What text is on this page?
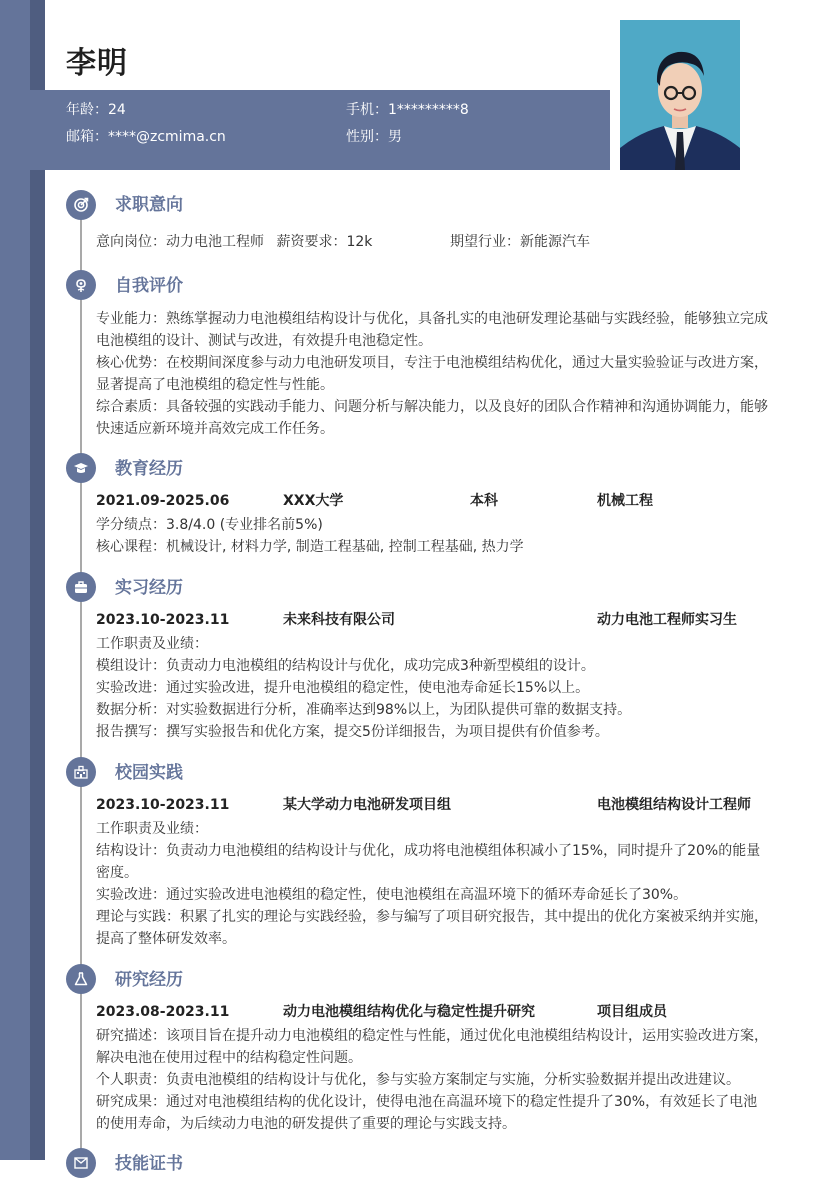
李明
年龄：24	手机：1*********8
邮箱：****@zcmima.cn	性别：男
求职意向
意向岗位：动力电池工程师 薪资要求：12k	期望行业：新能源汽车
自我评价
专业能力：熟练掌握动力电池模组结构设计与优化，具备扎实的电池研发理论基础与实践经验，能够独立完成电池模组的设计、测试与改进，有效提升电池稳定性。
核心优势：在校期间深度参与动力电池研发项目，专注于电池模组结构优化，通过大量实验验证与改进方案，显著提高了电池模组的稳定性与性能。
综合素质：具备较强的实践动手能力、问题分析与解决能力，以及良好的团队合作精神和沟通协调能力，能够快速适应新环境并高效完成工作任务。
教育经历
2021.09-2025.06	XXX大学	本科	机械工程
学分绩点：3.8/4.0 (专业排名前5%)
核心课程：机械设计, 材料力学, 制造工程基础, 控制工程基础, 热力学
实习经历
2023.10-2023.11	未来科技有限公司	动力电池工程师实习生
工作职责及业绩：
模组设计：负责动力电池模组的结构设计与优化，成功完成3种新型模组的设计。
实验改进：通过实验改进，提升电池模组的稳定性，使电池寿命延长15%以上。
数据分析：对实验数据进行分析，准确率达到98%以上，为团队提供可靠的数据支持。
报告撰写：撰写实验报告和优化方案，提交5份详细报告，为项目提供有价值参考。
校园实践
2023.10-2023.11	某大学动力电池研发项目组	电池模组结构设计工程师
工作职责及业绩：
结构设计：负责动力电池模组的结构设计与优化，成功将电池模组体积减小了15%，同时提升了20%的能量密度。
实验改进：通过实验改进电池模组的稳定性，使电池模组在高温环境下的循环寿命延长了30%。
理论与实践：积累了扎实的理论与实践经验，参与编写了项目研究报告，其中提出的优化方案被采纳并实施，提高了整体研发效率。
研究经历
2023.08-2023.11	动力电池模组结构优化与稳定性提升研究	项目组成员
研究描述：该项目旨在提升动力电池模组的稳定性与性能，通过优化电池模组结构设计，运用实验改进方案，解决电池在使用过程中的结构稳定性问题。
个人职责：负责电池模组的结构设计与优化，参与实验方案制定与实施，分析实验数据并提出改进建议。
研究成果：通过对电池模组结构的优化设计，使得电池在高温环境下的稳定性提升了30%，有效延长了电池的使用寿命，为后续动力电池的研发提供了重要的理论与实践支持。
技能证书
